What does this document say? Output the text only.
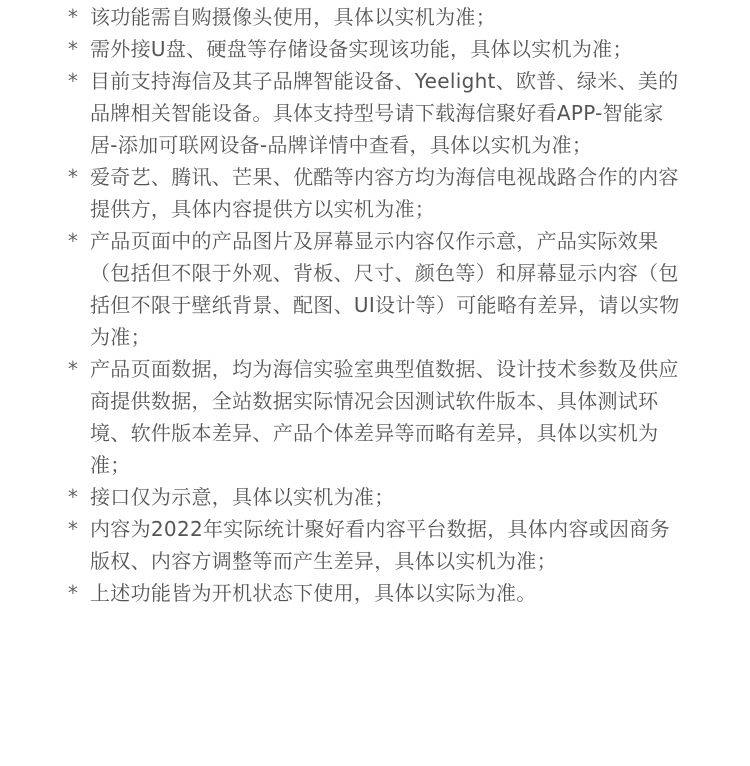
* 该功能需自购摄像头使用，具体以实机为准；
* 需外接U盘、硬盘等存储设备实现该功能，具体以实机为准；
* 目前支持海信及其子品牌智能设备、Yeelight、欧普、绿米、美的品牌相关智能设备。具体支持型号请下载海信聚好看APP-智能家居-添加可联网设备-品牌详情中查看，具体以实机为准；
* 爱奇艺、腾讯、芒果、优酷等内容方均为海信电视战路合作的内容提供方，具体内容提供方以实机为准；
* 产品页面中的产品图片及屏幕显示内容仅作示意，产品实际效果（包括但不限于外观、背板、尺寸、颜色等）和屏幕显示内容（包括但不限于壁纸背景、配图、UI设计等）可能略有差异，请以实物为准；
* 产品页面数据，均为海信实验室典型值数据、设计技术参数及供应商提供数据，全站数据实际情况会因测试软件版本、具体测试环境、软件版本差异、产品个体差异等而略有差异，具体以实机为准；
* 接口仅为示意，具体以实机为准；
* 内容为2022年实际统计聚好看内容平台数据，具体内容或因商务版权、内容方调整等而产生差异，具体以实机为准；
* 上述功能皆为开机状态下使用，具体以实际为准。
